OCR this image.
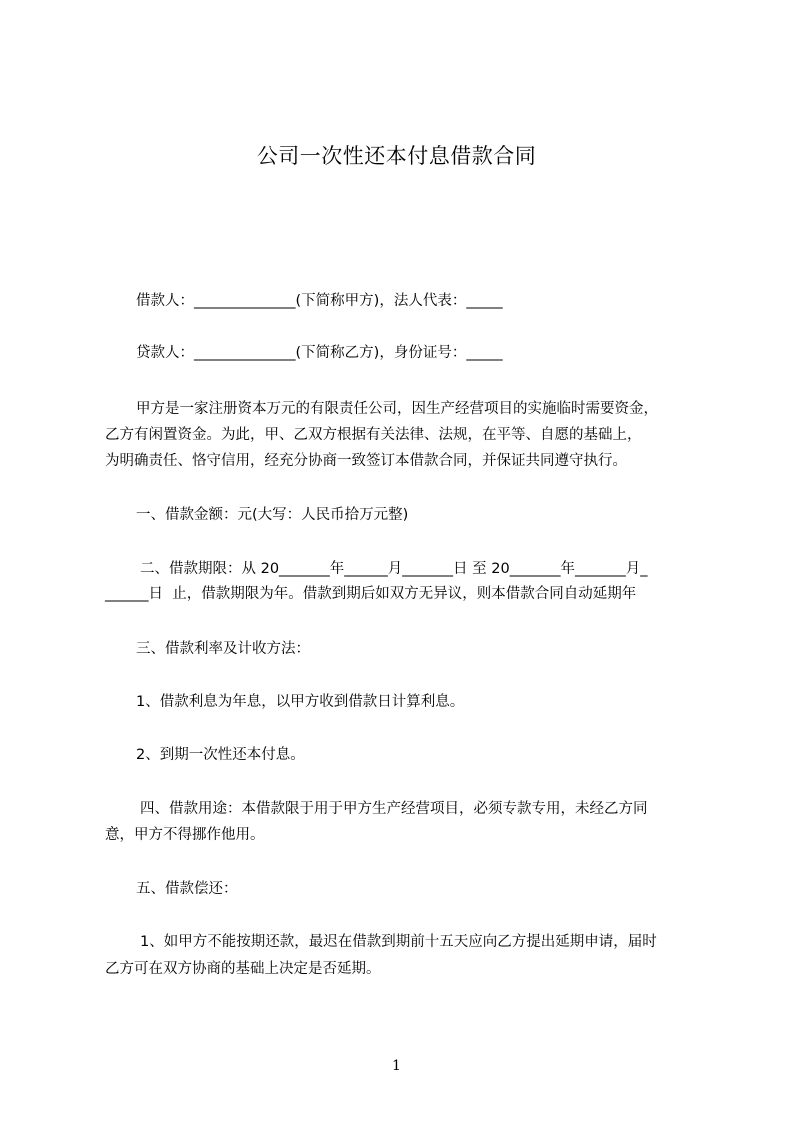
公司一次性还本付息借款合同
借款人：______________(下简称甲方)，法人代表：_____
贷款人：______________(下简称乙方)，身份证号：_____
甲方是一家注册资本万元的有限责任公司，因生产经营项目的实施临时需要资金，
乙方有闲置资金。为此，甲、乙双方根据有关法律、法规，在平等、自愿的基础上，
为明确责任、恪守信用，经充分协商一致签订本借款合同，并保证共同遵守执行。
一、借款金额：元(大写：人民币拾万元整)
二、借款期限：从 20_______年______月_______日 至 20_______年_______月_
______日  止，借款期限为年。借款到期后如双方无异议，则本借款合同自动延期年
三、借款利率及计收方法：
1、借款利息为年息，以甲方收到借款日计算利息。
2、到期一次性还本付息。
四、借款用途：本借款限于用于甲方生产经营项目，必须专款专用，未经乙方同
意，甲方不得挪作他用。
五、借款偿还：
1、如甲方不能按期还款，最迟在借款到期前十五天应向乙方提出延期申请，届时
乙方可在双方协商的基础上决定是否延期。
1
